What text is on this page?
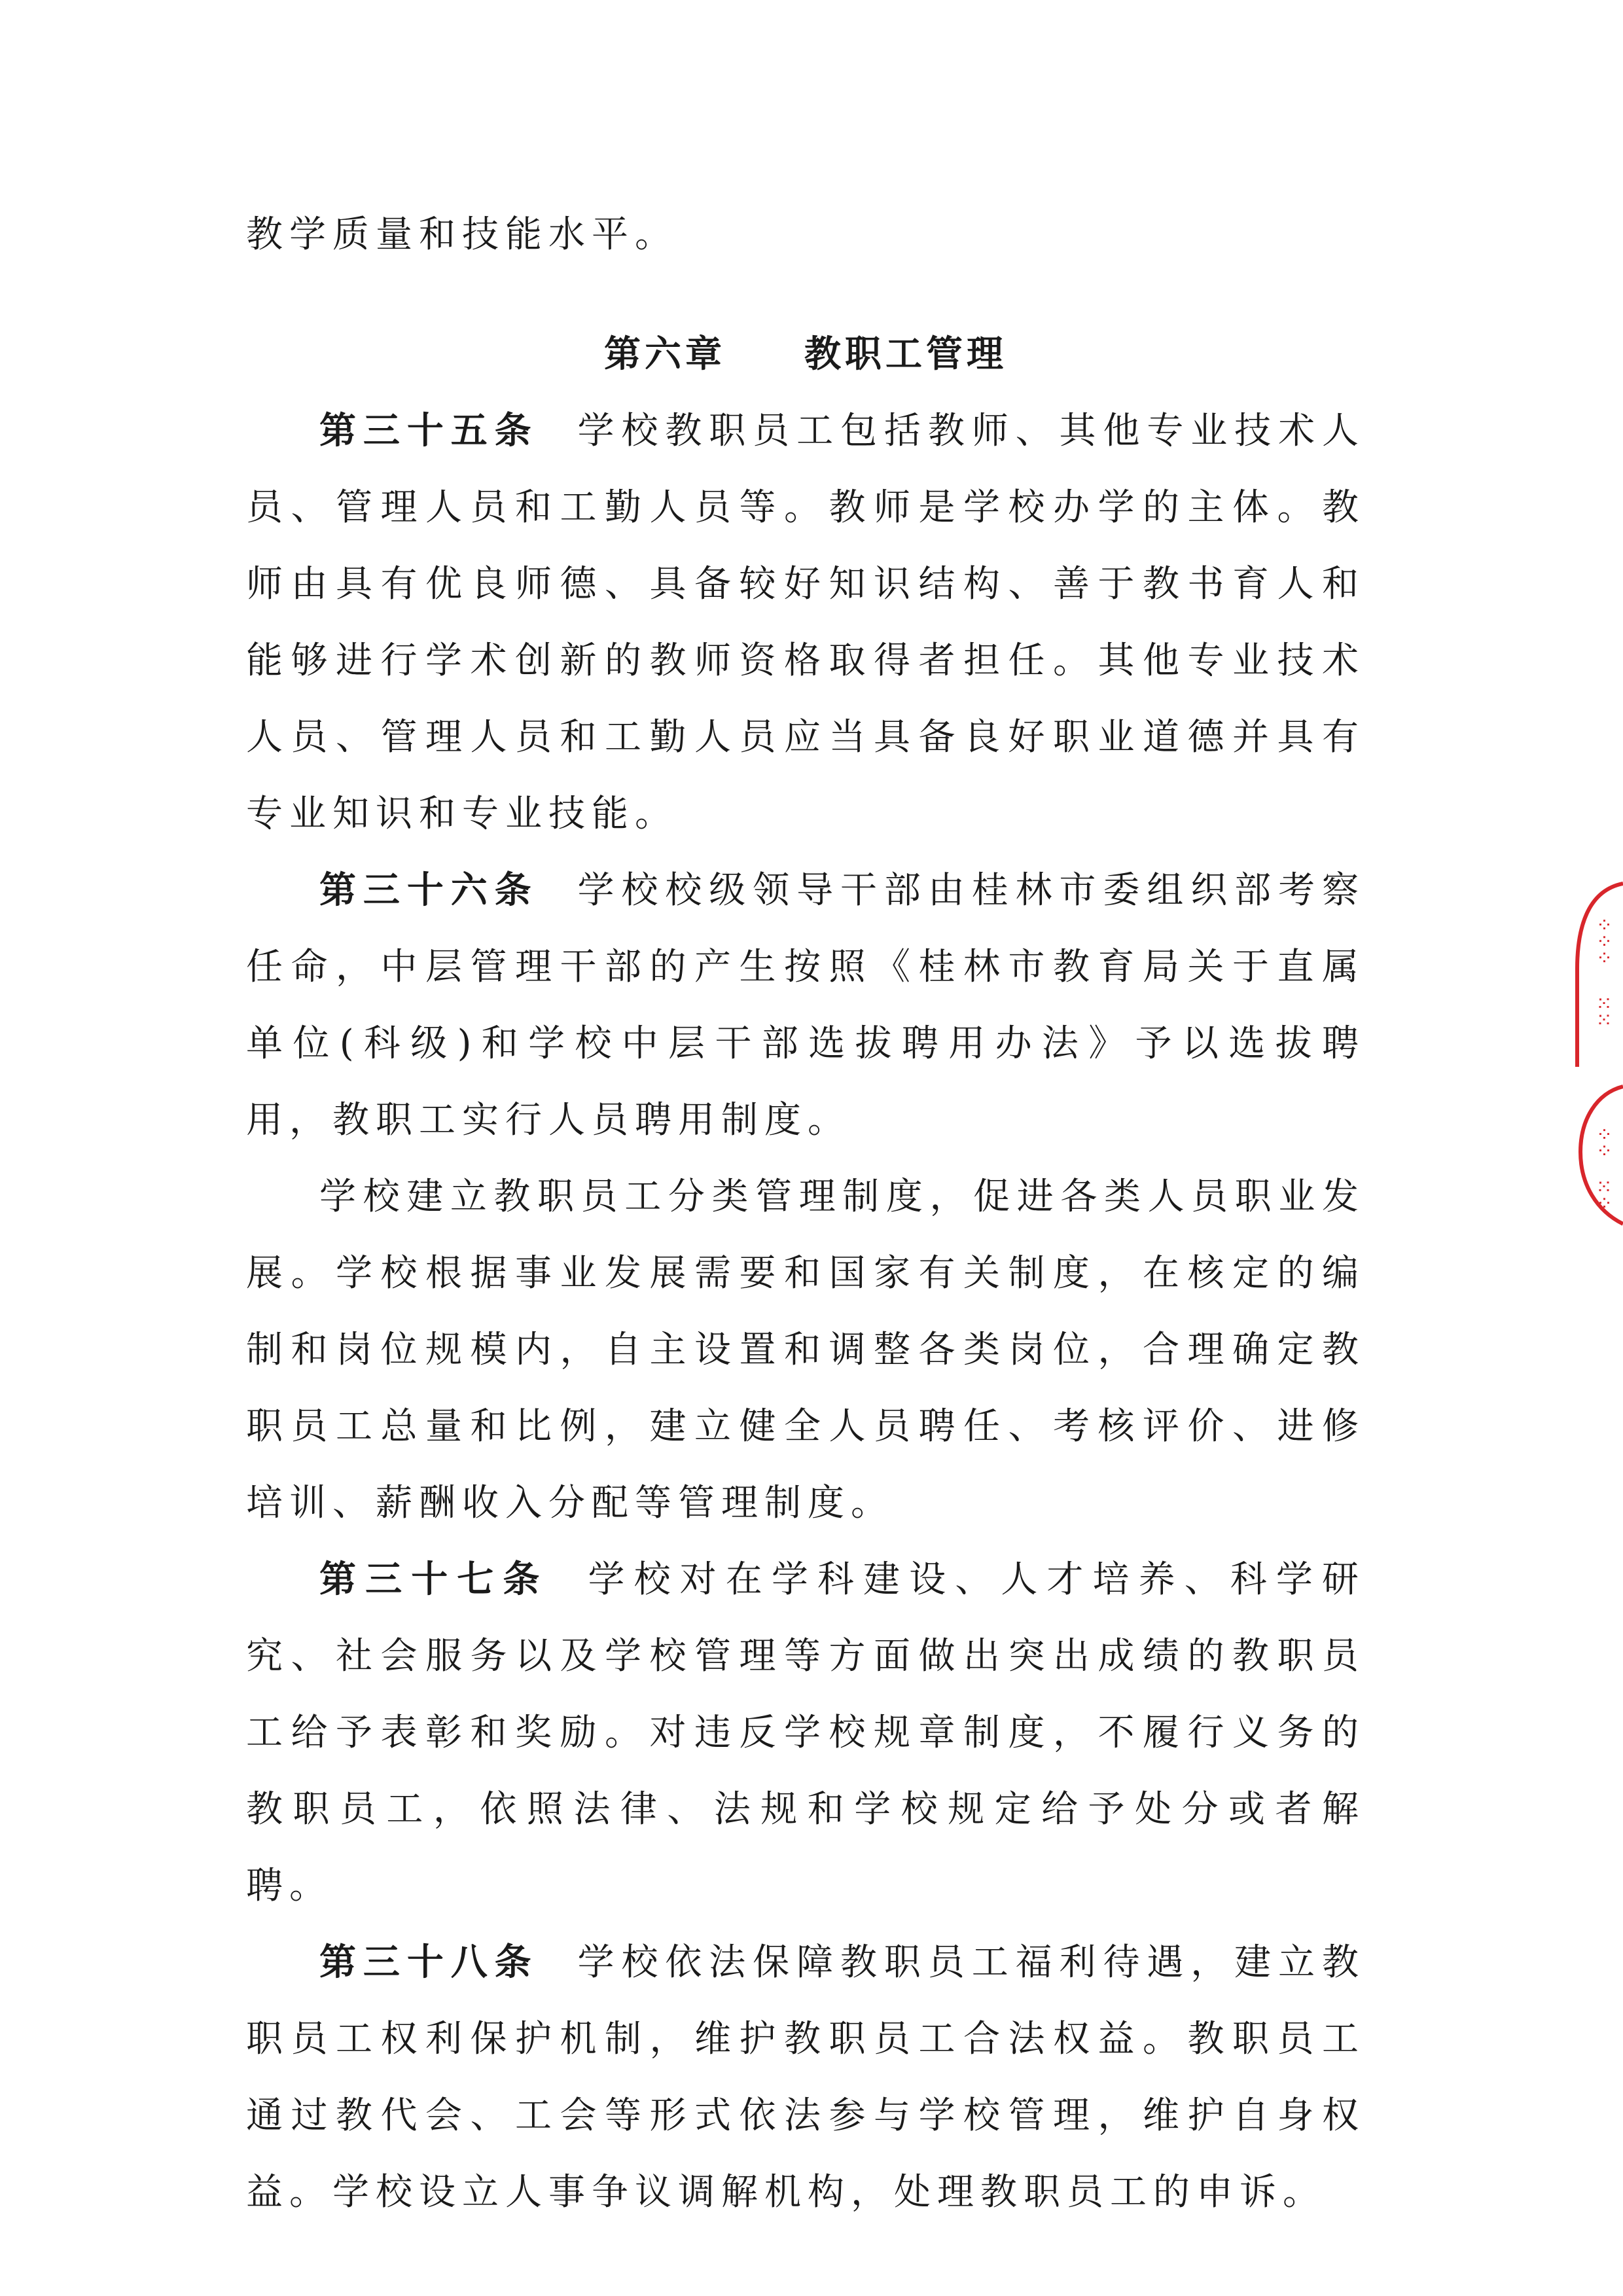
教学质量和技能水平。

第六章 教职工管理

第三十五条 学校教职员工包括教师、其他专业技术人员、管理人员和工勤人员等。教师是学校办学的主体。教师由具有优良师德、具备较好知识结构、善于教书育人和能够进行学术创新的教师资格取得者担任。其他专业技术人员、管理人员和工勤人员应当具备良好职业道德并具有专业知识和专业技能。

第三十六条 学校校级领导干部由桂林市委组织部考察任命，中层管理干部的产生按照《桂林市教育局关于直属单位(科级)和学校中层干部选拔聘用办法》予以选拔聘用，教职工实行人员聘用制度。

学校建立教职员工分类管理制度，促进各类人员职业发展。学校根据事业发展需要和国家有关制度，在核定的编制和岗位规模内，自主设置和调整各类岗位，合理确定教职员工总量和比例，建立健全人员聘任、考核评价、进修培训、薪酬收入分配等管理制度。

第三十七条 学校对在学科建设、人才培养、科学研究、社会服务以及学校管理等方面做出突出成绩的教职员工给予表彰和奖励。对违反学校规章制度，不履行义务的教职员工，依照法律、法规和学校规定给予处分或者解聘。

第三十八条 学校依法保障教职员工福利待遇，建立教职员工权利保护机制，维护教职员工合法权益。教职员工通过教代会、工会等形式依法参与学校管理，维护自身权益。学校设立人事争议调解机构，处理教职员工的申诉。

⁘⁘⁘
⁙⁙
⁘⁘
⁙⁘
